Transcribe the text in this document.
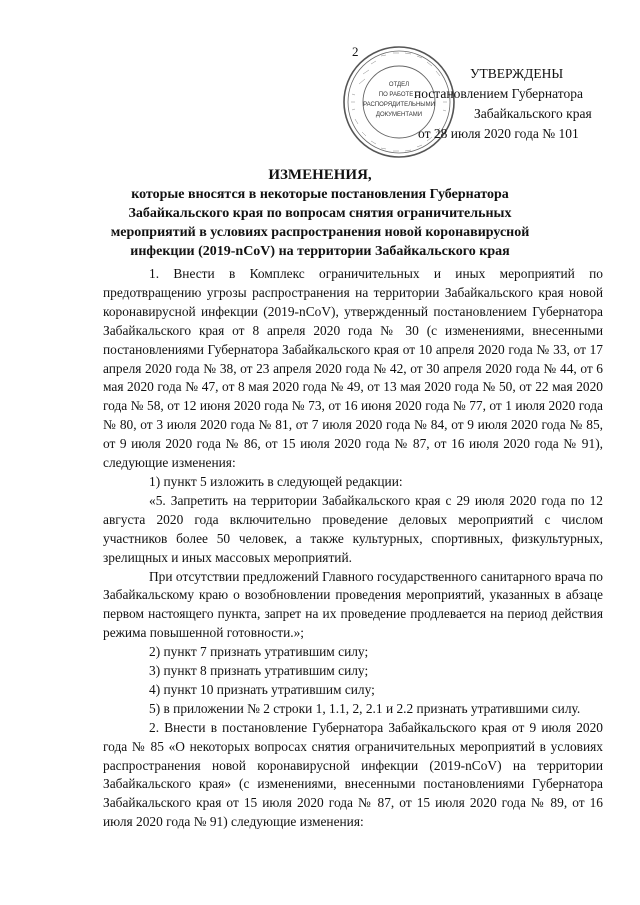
2
ОТДЕЛ
ПО РАБОТЕ С
РАСПОРЯДИТЕЛЬНЫМИ
ДОКУМЕНТАМИ
УТВЕРЖДЕНЫ
постановлением Губернатора
Забайкальского края
от 28 июля 2020 года № 101
ИЗМЕНЕНИЯ,
которые вносятся в некоторые постановления Губернатора Забайкальского края по вопросам снятия ограничительных мероприятий в условиях распространения новой коронавирусной инфекции (2019-nCoV) на территории Забайкальского края

1. Внести в Комплекс ограничительных и иных мероприятий по предотвращению угрозы распространения на территории Забайкальского края новой коронавирусной инфекции (2019-nCoV), утвержденный постановлением Губернатора Забайкальского края от 8 апреля 2020 года № 30 (с изменениями, внесенными постановлениями Губернатора Забайкальского края от 10 апреля 2020 года № 33, от 17 апреля 2020 года № 38, от 23 апреля 2020 года № 42, от 30 апреля 2020 года № 44, от 6 мая 2020 года № 47, от 8 мая 2020 года № 49, от 13 мая 2020 года № 50, от 22 мая 2020 года № 58, от 12 июня 2020 года № 73, от 16 июня 2020 года № 77, от 1 июля 2020 года № 80, от 3 июля 2020 года № 81, от 7 июля 2020 года № 84, от 9 июля 2020 года № 85, от 9 июля 2020 года № 86, от 15 июля 2020 года № 87, от 16 июля 2020 года № 91), следующие изменения:

1) пункт 5 изложить в следующей редакции:

«5. Запретить на территории Забайкальского края с 29 июля 2020 года по 12 августа 2020 года включительно проведение деловых мероприятий с числом участников более 50 человек, а также культурных, спортивных, физкультурных, зрелищных и иных массовых мероприятий.

При отсутствии предложений Главного государственного санитарного врача по Забайкальскому краю о возобновлении проведения мероприятий, указанных в абзаце первом настоящего пункта, запрет на их проведение продлевается на период действия режима повышенной готовности.»;

2) пункт 7 признать утратившим силу;

3) пункт 8 признать утратившим силу;

4) пункт 10 признать утратившим силу;

5) в приложении № 2 строки 1, 1.1, 2, 2.1 и 2.2 признать утратившими силу.

2. Внести в постановление Губернатора Забайкальского края от 9 июля 2020 года № 85 «О некоторых вопросах снятия ограничительных мероприятий в условиях распространения новой коронавирусной инфекции (2019-nCoV) на территории Забайкальского края» (с изменениями, внесенными постановлениями Губернатора Забайкальского края от 15 июля 2020 года № 87, от 15 июля 2020 года № 89, от 16 июля 2020 года № 91) следующие изменения:
